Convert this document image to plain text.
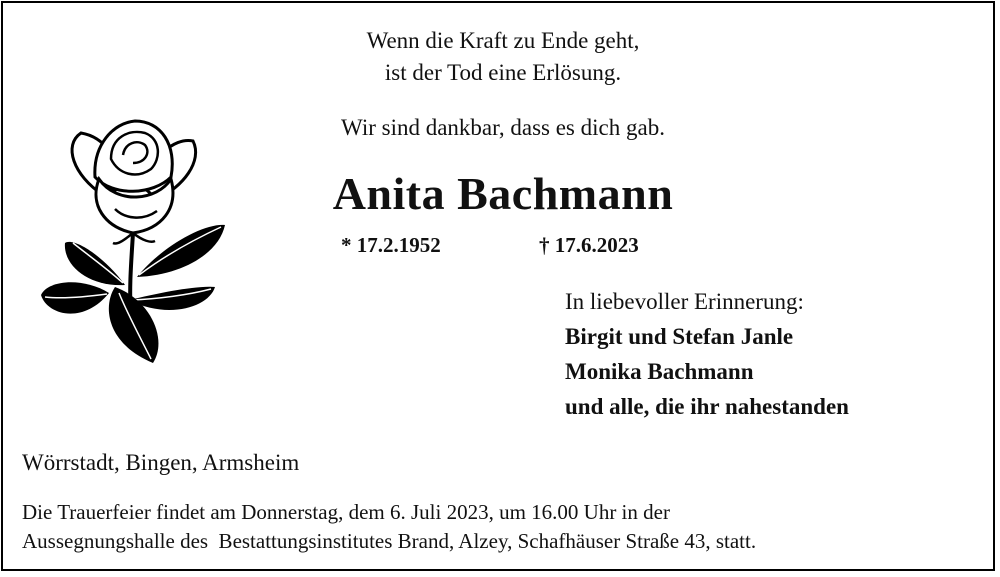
Wenn die Kraft zu Ende geht,

ist der Tod eine Erlösung.

Wir sind dankbar, dass es dich gab.

Anita Bachmann

* 17.2.1952	† 17.6.2023

In liebevoller Erinnerung:
Birgit und Stefan Janle
Monika Bachmann
und alle, die ihr nahestanden

Wörrstadt, Bingen, Armsheim

Die Trauerfeier findet am Donnerstag, dem 6. Juli 2023, um 16.00 Uhr in der
Aussegnungshalle des  Bestattungsinstitutes Brand, Alzey, Schafhäuser Straße 43, statt.
